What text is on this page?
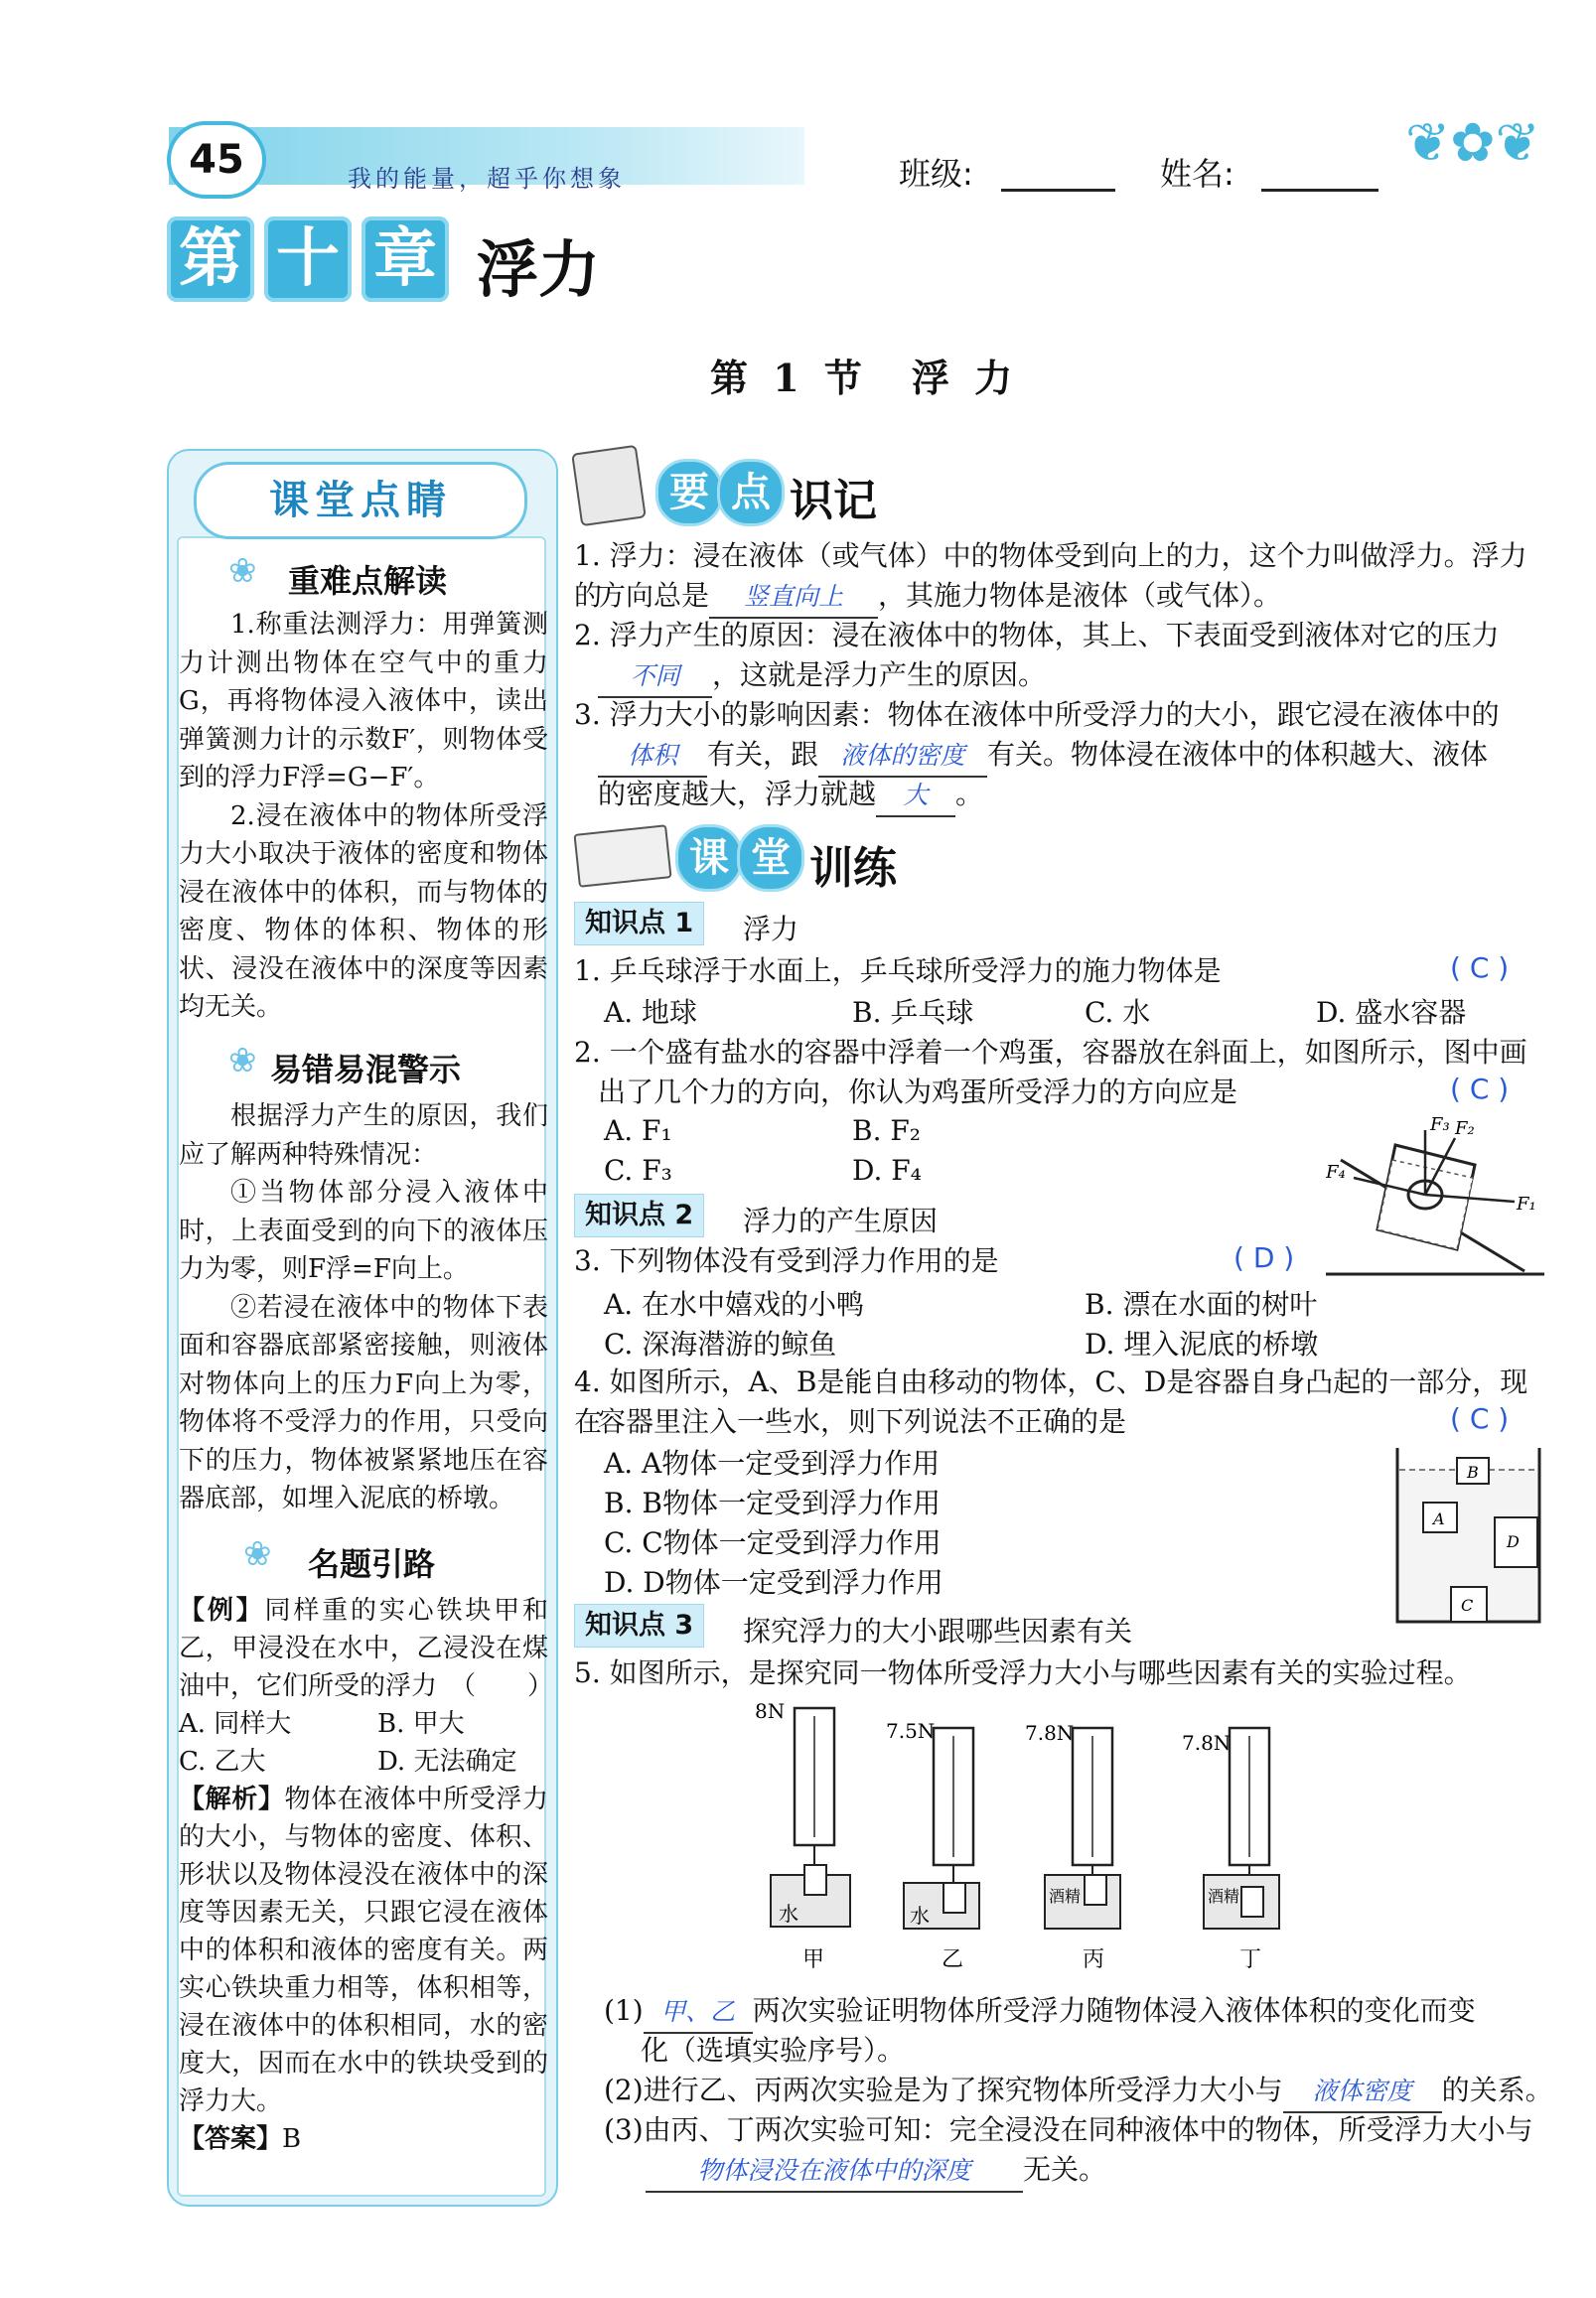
45	我的能量，超乎你想象	班级:	姓名:	❦✿❦
第 十 章 浮力
第 1 节　浮 力
课堂点睛
❀ 重难点解读

1.称重法测浮力：用弹簧测力计测出物体在空气中的重力G，再将物体浸入液体中，读出弹簧测力计的示数F′，则物体受到的浮力F浮=G−F′。

2.浸在液体中的物体所受浮力大小取决于液体的密度和物体浸在液体中的体积，而与物体的密度、物体的体积、物体的形状、浸没在液体中的深度等因素均无关。

❀ 易错易混警示

根据浮力产生的原因，我们应了解两种特殊情况：

①当物体部分浸入液体中时，上表面受到的向下的液体压力为零，则F浮=F向上。

②若浸在液体中的物体下表面和容器底部紧密接触，则液体对物体向上的压力F向上为零，物体将不受浮力的作用，只受向下的压力，物体被紧紧地压在容器底部，如埋入泥底的桥墩。

❀ 名题引路
【例】同样重的实心铁块甲和乙，甲浸没在水中，乙浸没在煤油中，它们所受的浮力　（　　）
A. 同样大	B. 甲大
C. 乙大	D. 无法确定
【解析】物体在液体中所受浮力的大小，与物体的密度、体积、形状以及物体浸没在液体中的深度等因素无关，只跟它浸在液体中的体积和液体的密度有关。两实心铁块重力相等，体积相等，浸在液体中的体积相同，水的密度大，因而在水中的铁块受到的浮力大。
【答案】B
要 点 识记
1. 浮力：浸在液体（或气体）中的物体受到向上的力，这个力叫做浮力。浮力的
方向总是 竖直向上 ，其施力物体是液体（或气体）。
2. 浮力产生的原因：浸在液体中的物体，其上、下表面受到液体对它的压力
不同 ，这就是浮力产生的原因。
3. 浮力大小的影响因素：物体在液体中所受浮力的大小，跟它浸在液体中的
体积 有关，跟 液体的密度 有关。物体浸在液体中的体积越大、液体
的密度越大，浮力就越 大 。
课 堂 训练
知识点 1	浮力
1. 乒乓球浮于水面上，乒乓球所受浮力的施力物体是	( C )
A. 地球	B. 乒乓球	C. 水	D. 盛水容器
2. 一个盛有盐水的容器中浮着一个鸡蛋，容器放在斜面上，如图所示，图中画
出了几个力的方向，你认为鸡蛋所受浮力的方向应是	( C )
A. F₁	B. F₂
C. F₃	D. F₄
F₃ F₂
F₁
F₄
知识点 2	浮力的产生原因
3. 下列物体没有受到浮力作用的是	( D )
A. 在水中嬉戏的小鸭	B. 漂在水面的树叶
C. 深海潜游的鲸鱼	D. 埋入泥底的桥墩
4. 如图所示，A、B是能自由移动的物体，C、D是容器自身凸起的一部分，现在
容器里注入一些水，则下列说法不正确的是	( C )
A. A物体一定受到浮力作用
B. B物体一定受到浮力作用
C. C物体一定受到浮力作用
D. D物体一定受到浮力作用
B
A
D
C
知识点 3	探究浮力的大小跟哪些因素有关
5. 如图所示，是探究同一物体所受浮力大小与哪些因素有关的实验过程。
8N
水
甲
7.5N
水
乙
7.8N
酒精
丙
7.8N
酒精
丁
(1) 甲、乙 两次实验证明物体所受浮力随物体浸入液体体积的变化而变
化（选填实验序号）。
(2)进行乙、丙两次实验是为了探究物体所受浮力大小与 液体密度 的关系。
(3)由丙、丁两次实验可知：完全浸没在同种液体中的物体，所受浮力大小与
物体浸没在液体中的深度 无关。
